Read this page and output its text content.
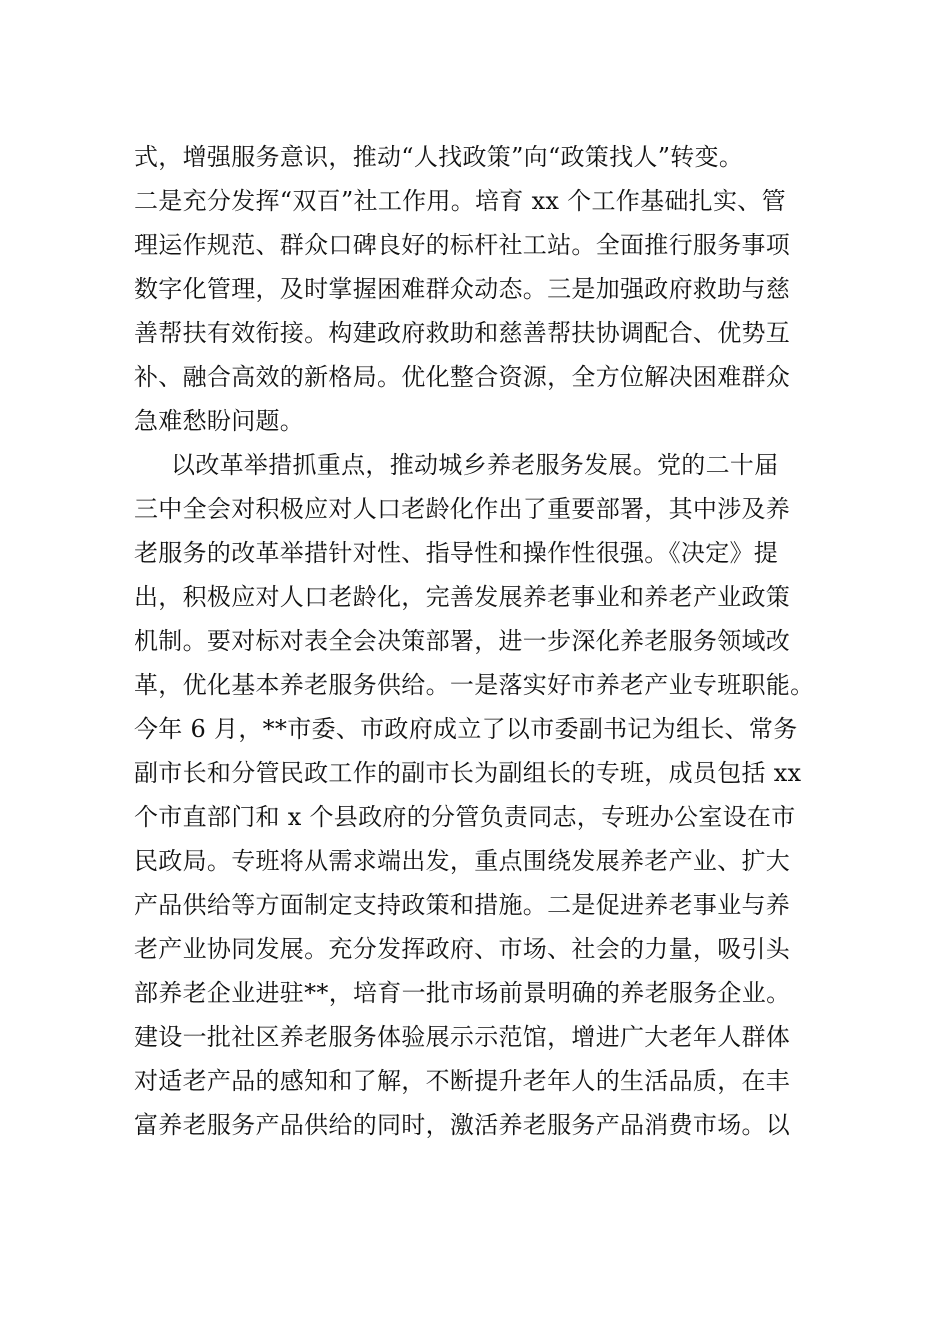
式，增强服务意识，推动“人找政策”向“政策找人”转变。
二是充分发挥“双百”社工作用。培育 xx 个工作基础扎实、管
理运作规范、群众口碑良好的标杆社工站。全面推行服务事项
数字化管理，及时掌握困难群众动态。三是加强政府救助与慈
善帮扶有效衔接。构建政府救助和慈善帮扶协调配合、优势互
补、融合高效的新格局。优化整合资源，全方位解决困难群众
急难愁盼问题。
以改革举措抓重点，推动城乡养老服务发展。党的二十届
三中全会对积极应对人口老龄化作出了重要部署，其中涉及养
老服务的改革举措针对性、指导性和操作性很强。《决定》提
出，积极应对人口老龄化，完善发展养老事业和养老产业政策
机制。要对标对表全会决策部署，进一步深化养老服务领域改
革，优化基本养老服务供给。一是落实好市养老产业专班职能。
今年 6 月，**市委、市政府成立了以市委副书记为组长、常务
副市长和分管民政工作的副市长为副组长的专班，成员包括 xx
个市直部门和 x 个县政府的分管负责同志，专班办公室设在市
民政局。专班将从需求端出发，重点围绕发展养老产业、扩大
产品供给等方面制定支持政策和措施。二是促进养老事业与养
老产业协同发展。充分发挥政府、市场、社会的力量，吸引头
部养老企业进驻**，培育一批市场前景明确的养老服务企业。
建设一批社区养老服务体验展示示范馆，增进广大老年人群体
对适老产品的感知和了解，不断提升老年人的生活品质，在丰
富养老服务产品供给的同时，激活养老服务产品消费市场。以
